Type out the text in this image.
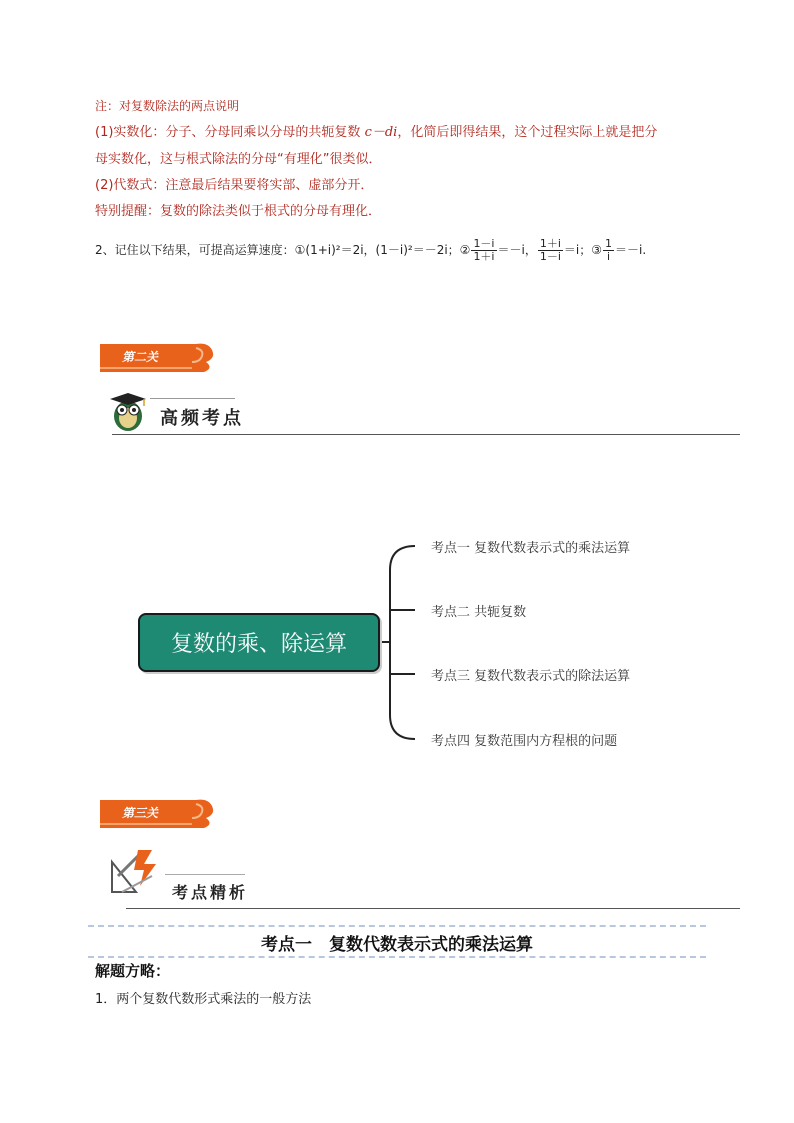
注：对复数除法的两点说明
(1)实数化：分子、分母同乘以分母的共轭复数 c－di，化简后即得结果，这个过程实际上就是把分
母实数化，这与根式除法的分母“有理化”很类似．
(2)代数式：注意最后结果要将实部、虚部分开．
特别提醒：复数的除法类似于根式的分母有理化．
2、记住以下结果，可提高运算速度：①(1+i)²＝2i，(1－i)²＝－2i；② $\frac{1-i}{1+i} =-i$， $\frac{1+i}{1-i} =i$；③ $\frac{1}{i} =-i$.
第二关
高频考点
复数的乘、除运算
考点一 复数代数表示式的乘法运算
考点二 共轭复数
考点三 复数代数表示式的除法运算
考点四 复数范围内方程根的问题
第三关
考点精析
考点一　复数代数表示式的乘法运算
解题方略：
1．两个复数代数形式乘法的一般方法
